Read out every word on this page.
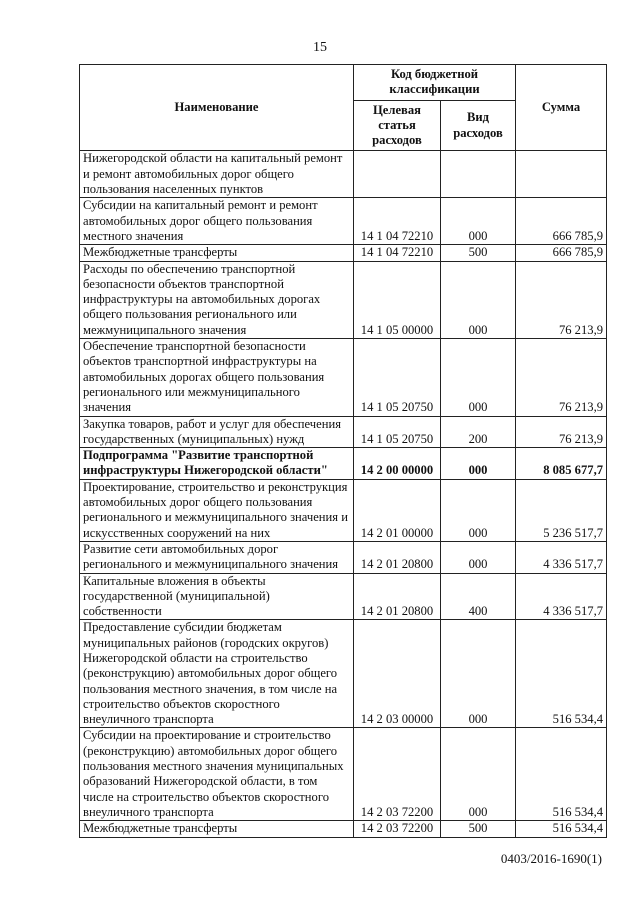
15
Наименование	Код бюджетной классификации		Сумма
	Целевая статья расходов	Вид расходов	
Нижегородской области на капитальный ремонт и ремонт автомобильных дорог общего пользования населенных пунктов			
Субсидии на капитальный ремонт и ремонт автомобильных дорог общего пользования местного значения	14 1 04 72210	000	666 785,9
Межбюджетные трансферты	14 1 04 72210	500	666 785,9
Расходы по обеспечению транспортной безопасности объектов транспортной инфраструктуры на автомобильных дорогах общего пользования регионального или межмуниципального значения	14 1 05 00000	000	76 213,9
Обеспечение транспортной безопасности объектов транспортной инфраструктуры на автомобильных дорогах общего пользования регионального или межмуниципального значения	14 1 05 20750	000	76 213,9
Закупка товаров, работ и услуг для обеспечения государственных (муниципальных) нужд	14 1 05 20750	200	76 213,9
Подпрограмма "Развитие транспортной инфраструктуры Нижегородской области"	14 2 00 00000	000	8 085 677,7
Проектирование, строительство и реконструкция автомобильных дорог общего пользования регионального и межмуниципального значения и искусственных сооружений на них	14 2 01 00000	000	5 236 517,7
Развитие сети автомобильных дорог регионального и межмуниципального значения	14 2 01 20800	000	4 336 517,7
Капитальные вложения в объекты государственной (муниципальной) собственности	14 2 01 20800	400	4 336 517,7
Предоставление субсидии бюджетам муниципальных районов (городских округов) Нижегородской области на строительство (реконструкцию) автомобильных дорог общего пользования местного значения, в том числе на строительство объектов скоростного внеуличного транспорта	14 2 03 00000	000	516 534,4
Субсидии на проектирование и строительство (реконструкцию) автомобильных дорог общего пользования местного значения муниципальных образований Нижегородской области, в том числе на строительство объектов скоростного внеуличного транспорта	14 2 03 72200	000	516 534,4
Межбюджетные трансферты	14 2 03 72200	500	516 534,4
0403/2016-1690(1)
